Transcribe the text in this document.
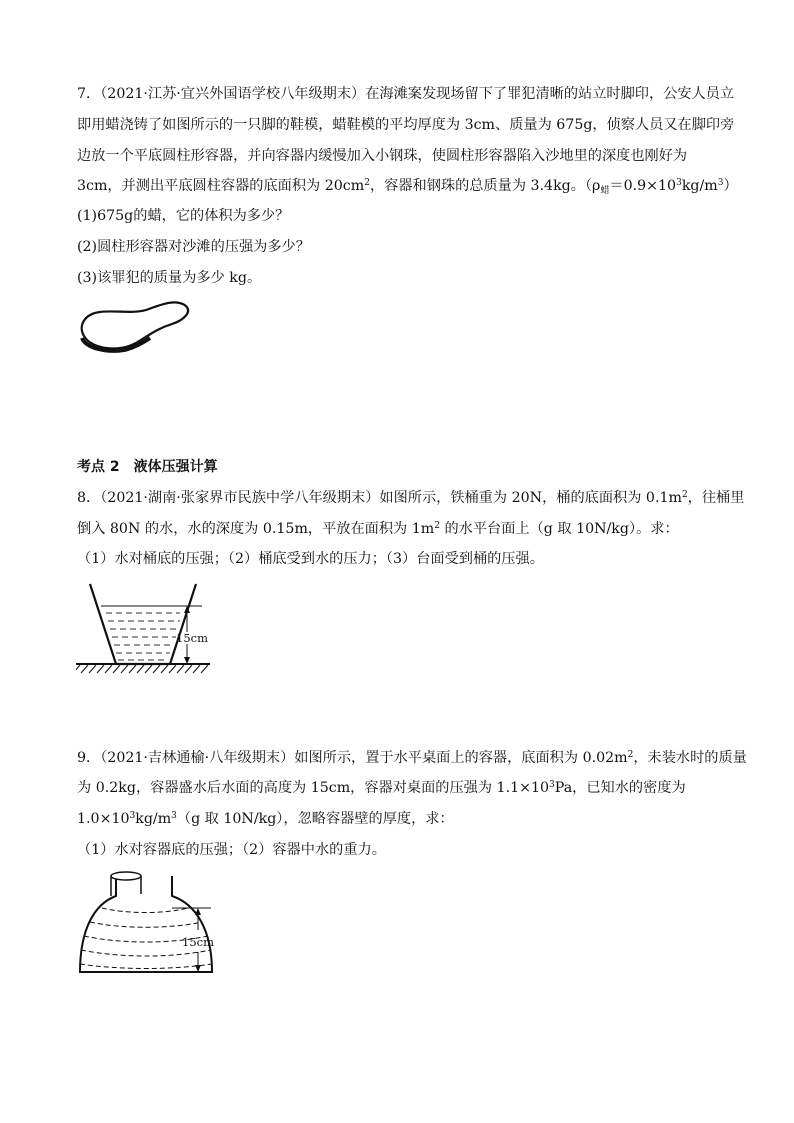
7．（2021·江苏·宜兴外国语学校八年级期末）在海滩案发现场留下了罪犯清晰的站立时脚印，公安人员立
即用蜡浇铸了如图所示的一只脚的鞋模，蜡鞋模的平均厚度为 3cm、质量为 675g，侦察人员又在脚印旁
边放一个平底圆柱形容器，并向容器内缓慢加入小钢珠，使圆柱形容器陷入沙地里的深度也刚好为
3cm，并测出平底圆柱容器的底面积为 $20cm^2$，容器和钢珠的总质量为 3.4kg。$(\rho_蜡=0.9\times 10^3kg/m^3)$
(1)675g的蜡，它的体积为多少？
(2)圆柱形容器对沙滩的压强为多少？
(3)该罪犯的质量为多少 kg。
考点 2　液体压强计算
8．（2021·湖南·张家界市民族中学八年级期末）如图所示，铁桶重为 20N，桶的底面积为 $0.1m^2$，往桶里
倒入 80N 的水，水的深度为 0.15m，平放在面积为 $1m^2$ 的水平台面上（g 取 10N/kg）。求：
（1）水对桶底的压强；（2）桶底受到水的压力；（3）台面受到桶的压强。
15cm
9．（2021·吉林通榆·八年级期末）如图所示，置于水平桌面上的容器，底面积为 $0.02m^2$，未装水时的质量
为 0.2kg，容器盛水后水面的高度为 15cm，容器对桌面的压强为 $1.1\times 10^3Pa$，已知水的密度为
$1.0\times 10^3kg/m^3(g$ 取 10N/kg），忽略容器壁的厚度，求：
（1）水对容器底的压强；（2）容器中水的重力。
15cm
